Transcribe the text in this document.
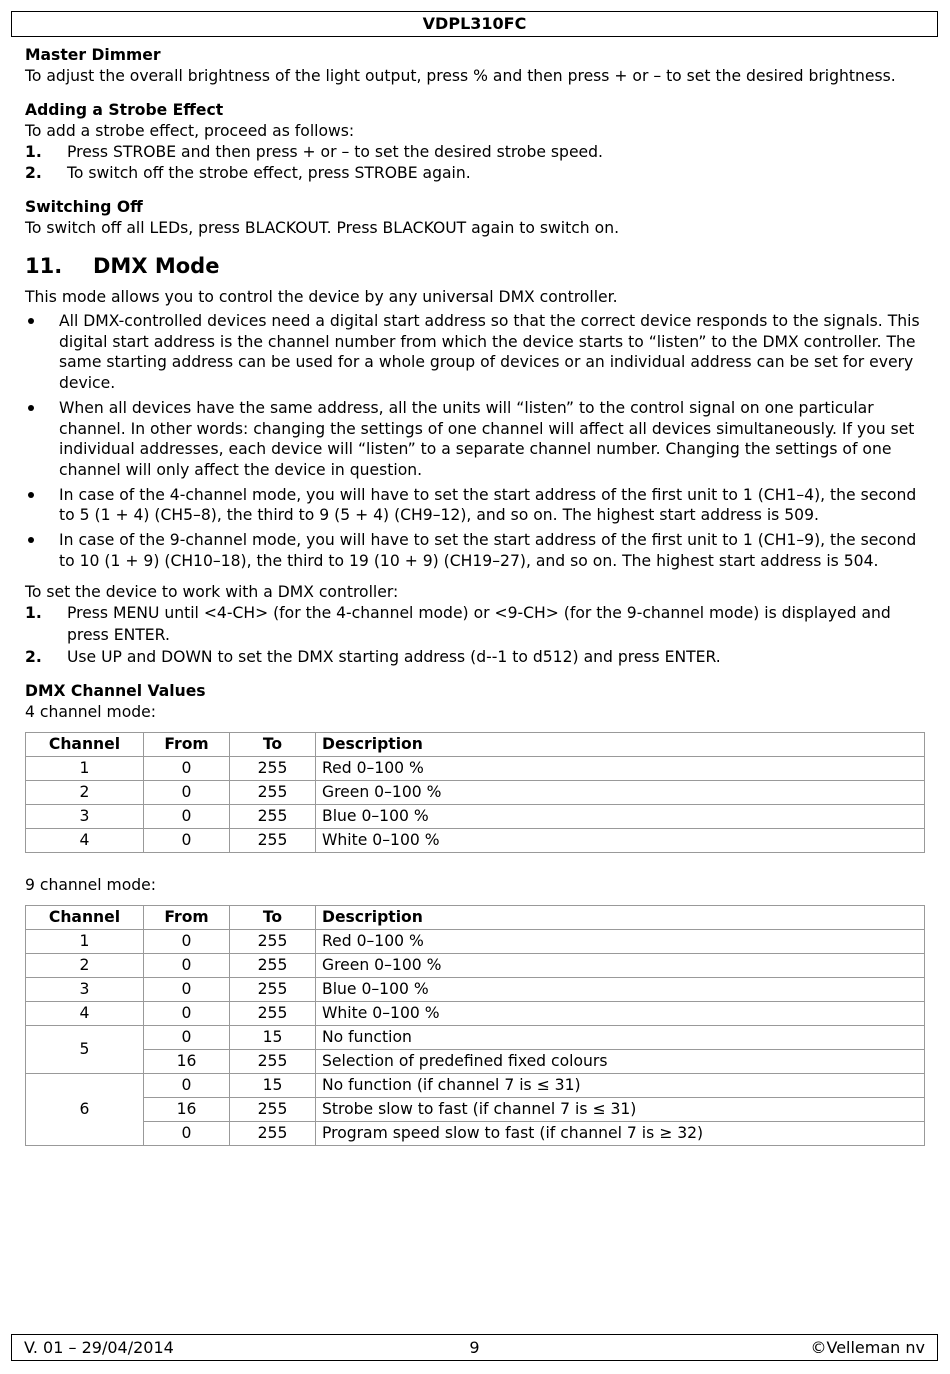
VDPL310FC
Master Dimmer

To adjust the overall brightness of the light output, press % and then press + or – to set the desired brightness.

Adding a Strobe Effect

To add a strobe effect, proceed as follows:

1. Press STROBE and then press + or – to set the desired strobe speed.
2. To switch off the strobe effect, press STROBE again.
Switching Off

To switch off all LEDs, press BLACKOUT. Press BLACKOUT again to switch on.

11. DMX Mode

This mode allows you to control the device by any universal DMX controller.

All DMX-controlled devices need a digital start address so that the correct device responds to the signals. This digital start address is the channel number from which the device starts to “listen” to the DMX controller. The same starting address can be used for a whole group of devices or an individual address can be set for every device.
When all devices have the same address, all the units will “listen” to the control signal on one particular channel. In other words: changing the settings of one channel will affect all devices simultaneously. If you set individual addresses, each device will “listen” to a separate channel number. Changing the settings of one channel will only affect the device in question.
In case of the 4-channel mode, you will have to set the start address of the first unit to 1 (CH1–4), the second to 5 (1 + 4) (CH5–8), the third to 9 (5 + 4) (CH9–12), and so on. The highest start address is 509.
In case of the 9-channel mode, you will have to set the start address of the first unit to 1 (CH1–9), the second to 10 (1 + 9) (CH10–18), the third to 19 (10 + 9) (CH19–27), and so on. The highest start address is 504.

To set the device to work with a DMX controller:

1. Press MENU until <4-CH> (for the 4-channel mode) or <9-CH> (for the 9-channel mode) is displayed and press ENTER.
2. Use UP and DOWN to set the DMX starting address (d--1 to d512) and press ENTER.
DMX Channel Values

4 channel mode:

Channel	From	To	Description
1	0	255	Red 0–100 %
2	0	255	Green 0–100 %
3	0	255	Blue 0–100 %
4	0	255	White 0–100 %

9 channel mode:

Channel	From	To	Description
1	0	255	Red 0–100 %
2	0	255	Green 0–100 %
3	0	255	Blue 0–100 %
4	0	255	White 0–100 %
5	0	15	No function
	16	255	Selection of predefined fixed colours
6	0	15	No function (if channel 7 is ≤ 31)
	16	255	Strobe slow to fast (if channel 7 is ≤ 31)
	0	255	Program speed slow to fast (if channel 7 is ≥ 32)
9
V. 01 – 29/04/2014	©Velleman nv
